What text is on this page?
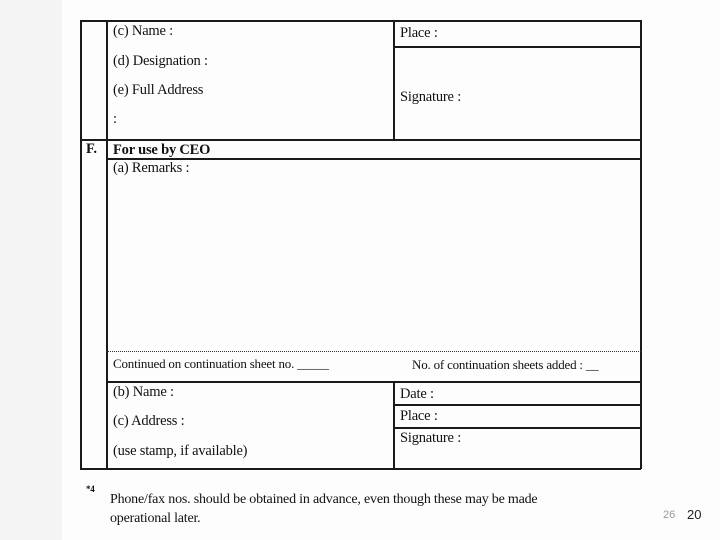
(c) Name :
(d) Designation :
(e) Full Address
:
Place :
Signature :
F. For use by CEO
(a) Remarks :
Continued on continuation sheet no. _____	No. of continuation sheets added : __
(b) Name :
(c) Address :
(use stamp, if available)
Date :
Place :
Signature :
*4
Phone/fax nos. should be obtained in advance, even though these may be made
operational later.	26 20
